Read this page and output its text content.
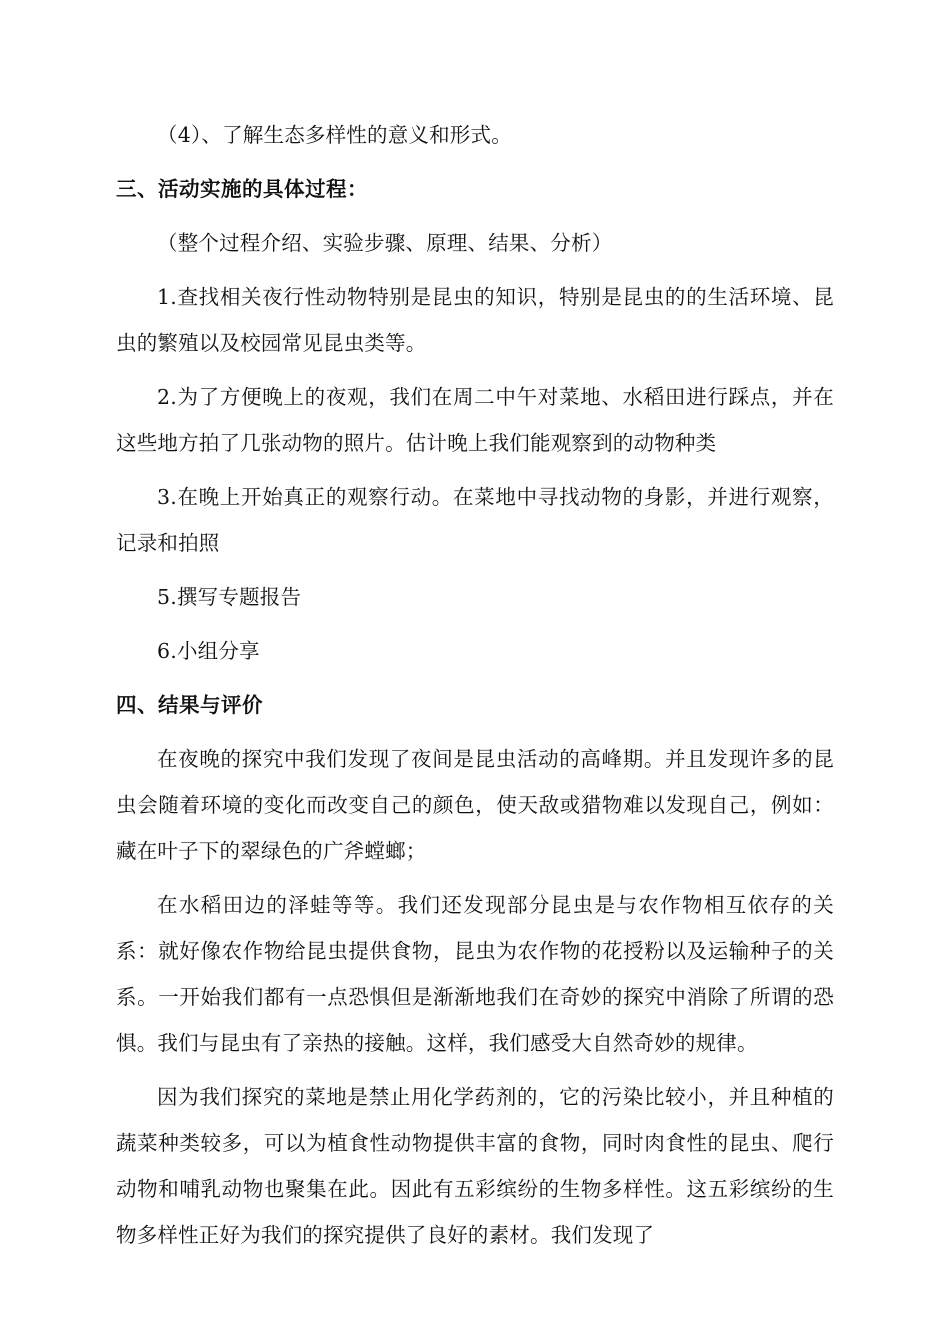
（4）、了解生态多样性的意义和形式。

三、活动实施的具体过程：

（整个过程介绍、实验步骤、原理、结果、分析）

1.查找相关夜行性动物特别是昆虫的知识，特别是昆虫的的生活环境、昆虫的繁殖以及校园常见昆虫类等。

2.为了方便晚上的夜观，我们在周二中午对菜地、水稻田进行踩点，并在这些地方拍了几张动物的照片。估计晚上我们能观察到的动物种类

3.在晚上开始真正的观察行动。在菜地中寻找动物的身影，并进行观察，记录和拍照

5.撰写专题报告

6.小组分享

四、结果与评价

在夜晚的探究中我们发现了夜间是昆虫活动的高峰期。并且发现许多的昆虫会随着环境的变化而改变自己的颜色，使天敌或猎物难以发现自己，例如：藏在叶子下的翠绿色的广斧螳螂；

在水稻田边的泽蛙等等。我们还发现部分昆虫是与农作物相互依存的关系：就好像农作物给昆虫提供食物，昆虫为农作物的花授粉以及运输种子的关系。一开始我们都有一点恐惧但是渐渐地我们在奇妙的探究中消除了所谓的恐惧。我们与昆虫有了亲热的接触。这样，我们感受大自然奇妙的规律。

因为我们探究的菜地是禁止用化学药剂的，它的污染比较小，并且种植的蔬菜种类较多，可以为植食性动物提供丰富的食物，同时肉食性的昆虫、爬行动物和哺乳动物也聚集在此。因此有五彩缤纷的生物多样性。这五彩缤纷的生物多样性正好为我们的探究提供了良好的素材。我们发现了
